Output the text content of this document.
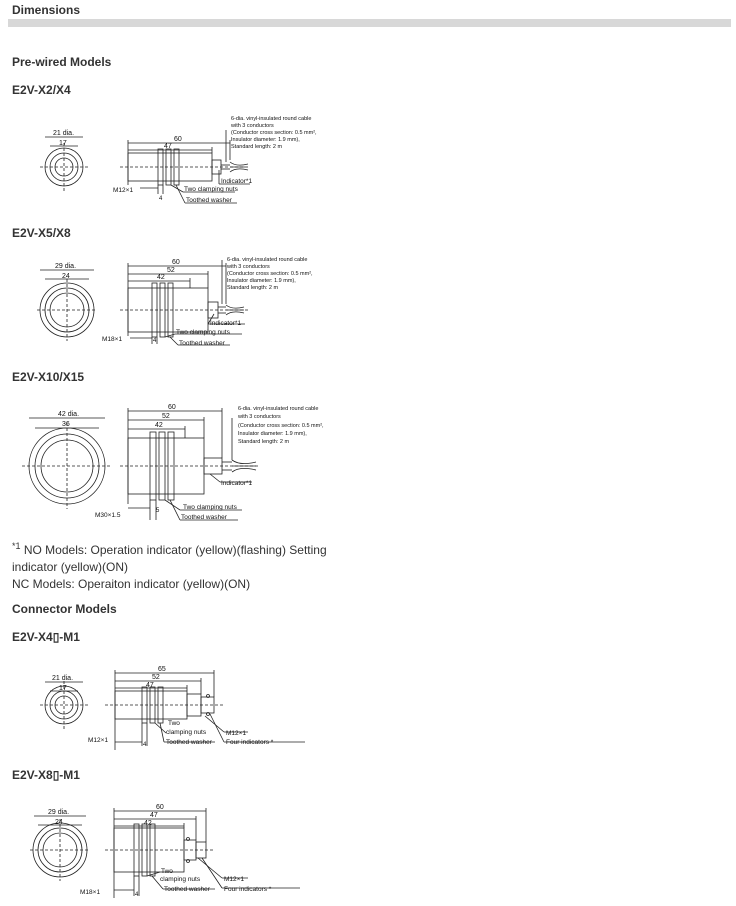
Dimensions
Pre-wired Models
E2V-X2/X4
21 dia.
17
60
47
6-dia. vinyl-insulated round cable with 3 conductors (Conductor cross section: 0.5 mm², Insulator diameter: 1.9 mm), Standard length: 2 m
Indicator*1
M12×1
4
Two clamping nuts
Toothed washer
E2V-X5/X8
29 dia.
24
60
52
42
6-dia. vinyl-insulated round cable with 3 conductors (Conductor cross section: 0.5 mm², Insulator diameter: 1.9 mm), Standard length: 2 m
Indicator*1
M18×1	4
Two clamping nuts
Toothed washer
E2V-X10/X15
42 dia.
36
60
52
42
6-dia. vinyl-insulated round cable with 3 conductors (Conductor cross section: 0.5 mm², Insulator diameter: 1.9 mm), Standard length: 2 m
Indicator*1
M30×1.5
5	Two clamping nuts
Toothed washer
$^{*1}$ NO Models: Operation indicator (yellow)(flashing) Setting indicator (yellow)(ON)
NC Models: Operaiton indicator (yellow)(ON)
Connector Models
E2V-X4▯-M1
21 dia.
17
65
52
47
M12×1
4
Two
clamping nuts
Toothed washer
M12×1
Four indicators *
E2V-X8▯-M1
29 dia.
24
60
47
42
M18×1	4
Two
clamping nuts
Toothed washer
M12×1
Four indicators *
